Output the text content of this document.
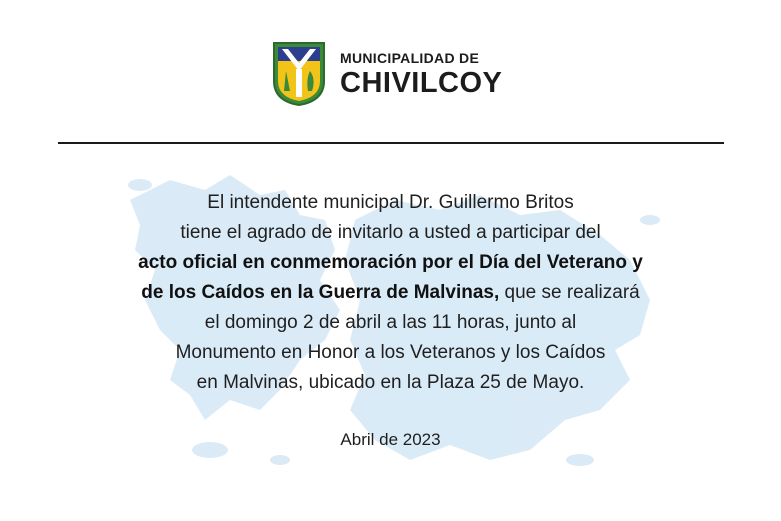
MUNICIPALIDAD DE
CHIVILCOY
El intendente municipal Dr. Guillermo Britos
tiene el agrado de invitarlo a usted a participar del
acto oficial en conmemoración por el Día del Veterano y
de los Caídos en la Guerra de Malvinas, que se realizará
el domingo 2 de abril a las 11 horas, junto al
Monumento en Honor a los Veteranos y los Caídos
en Malvinas, ubicado en la Plaza 25 de Mayo.
Abril de 2023
